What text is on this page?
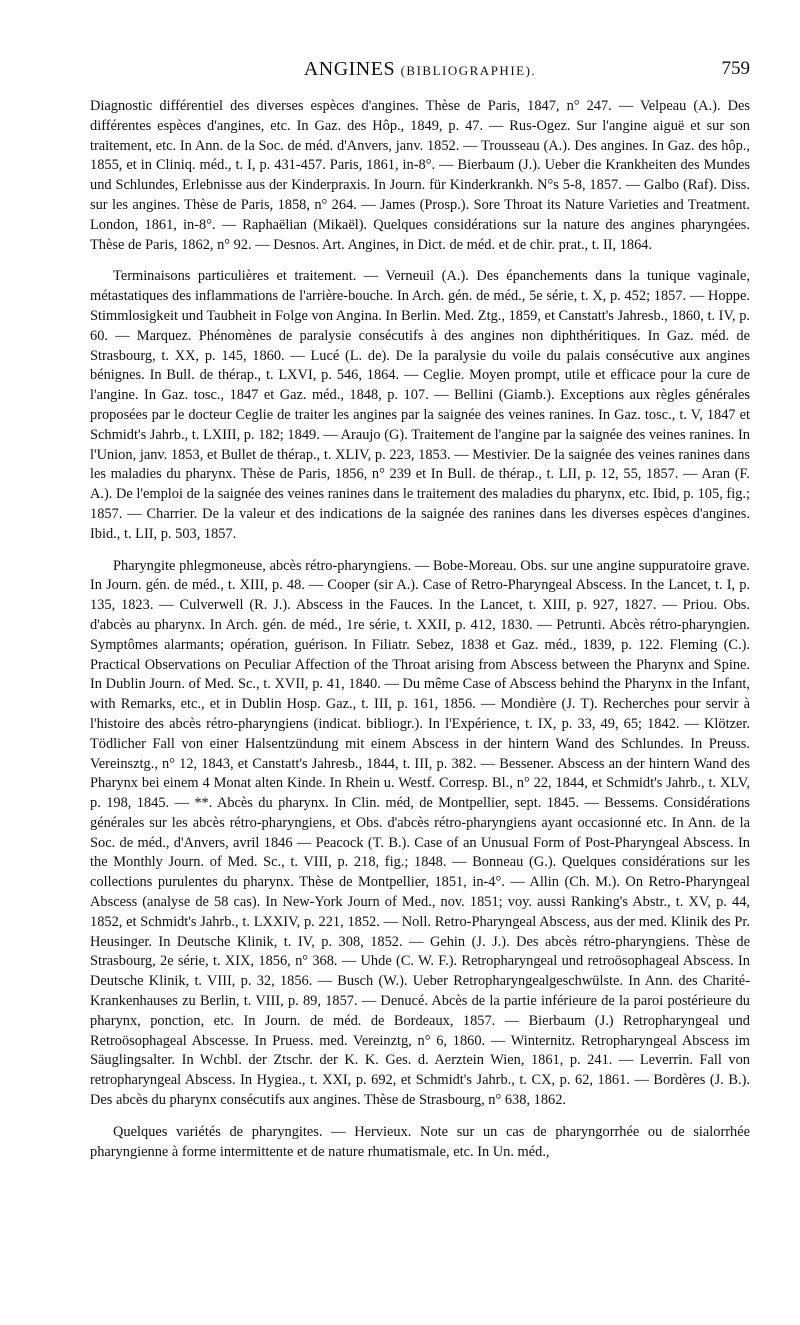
ANGINES (BIBLIOGRAPHIE).	759

Diagnostic différentiel des diverses espèces d'angines. Thèse de Paris, 1847, n° 247. — Velpeau (A.). Des différentes espèces d'angines, etc. In Gaz. des Hôp., 1849, p. 47. — Rus-Ogez. Sur l'angine aiguë et sur son traitement, etc. In Ann. de la Soc. de méd. d'Anvers, janv. 1852. — Trousseau (A.). Des angines. In Gaz. des hôp., 1855, et in Cliniq. méd., t. I, p. 431-457. Paris, 1861, in-8°. — Bierbaum (J.). Ueber die Krankheiten des Mundes und Schlundes, Erlebnisse aus der Kinderpraxis. In Journ. für Kinderkrankh. N°s 5-8, 1857. — Galbo (Raf). Diss. sur les angines. Thèse de Paris, 1858, n° 264. — James (Prosp.). Sore Throat its Nature Varieties and Treatment. London, 1861, in-8°. — Raphaëlian (Mikaël). Quelques considérations sur la nature des angines pharyngées. Thèse de Paris, 1862, n° 92. — Desnos. Art. Angines, in Dict. de méd. et de chir. prat., t. II, 1864.

Terminaisons particulières et traitement. — Verneuil (A.). Des épanchements dans la tunique vaginale, métastatiques des inflammations de l'arrière-bouche. In Arch. gén. de méd., 5e série, t. X, p. 452; 1857. — Hoppe. Stimmlosigkeit und Taubheit in Folge von Angina. In Berlin. Med. Ztg., 1859, et Canstatt's Jahresb., 1860, t. IV, p. 60. — Marquez. Phénomènes de paralysie consécutifs à des angines non diphthéritiques. In Gaz. méd. de Strasbourg, t. XX, p. 145, 1860. — Lucé (L. de). De la paralysie du voile du palais consécutive aux angines bénignes. In Bull. de thérap., t. LXVI, p. 546, 1864. — Ceglie. Moyen prompt, utile et efficace pour la cure de l'angine. In Gaz. tosc., 1847 et Gaz. méd., 1848, p. 107. — Bellini (Giamb.). Exceptions aux règles générales proposées par le docteur Ceglie de traiter les angines par la saignée des veines ranines. In Gaz. tosc., t. V, 1847 et Schmidt's Jahrb., t. LXIII, p. 182; 1849. — Araujo (G). Traitement de l'angine par la saignée des veines ranines. In l'Union, janv. 1853, et Bullet de thérap., t. XLIV, p. 223, 1853. — Mestivier. De la saignée des veines ranines dans les maladies du pharynx. Thèse de Paris, 1856, n° 239 et In Bull. de thérap., t. LII, p. 12, 55, 1857. — Aran (F. A.). De l'emploi de la saignée des veines ranines dans le traitement des maladies du pharynx, etc. Ibid, p. 105, fig.; 1857. — Charrier. De la valeur et des indications de la saignée des ranines dans les diverses espèces d'angines. Ibid., t. LII, p. 503, 1857.

Pharyngite phlegmoneuse, abcès rétro-pharyngiens. — Bobe-Moreau. Obs. sur une angine suppuratoire grave. In Journ. gén. de méd., t. XIII, p. 48. — Cooper (sir A.). Case of Retro-Pharyngeal Abscess. In the Lancet, t. I, p. 135, 1823. — Culverwell (R. J.). Abscess in the Fauces. In the Lancet, t. XIII, p. 927, 1827. — Priou. Obs. d'abcès au pharynx. In Arch. gén. de méd., 1re série, t. XXII, p. 412, 1830. — Petrunti. Abcès rétro-pharyngien. Symptômes alarmants; opération, guérison. In Filiatr. Sebez, 1838 et Gaz. méd., 1839, p. 122. Fleming (C.). Practical Observations on Peculiar Affection of the Throat arising from Abscess between the Pharynx and Spine. In Dublin Journ. of Med. Sc., t. XVII, p. 41, 1840. — Du même Case of Abscess behind the Pharynx in the Infant, with Remarks, etc., et in Dublin Hosp. Gaz., t. III, p. 161, 1856. — Mondière (J. T). Recherches pour servir à l'histoire des abcès rétro-pharyngiens (indicat. bibliogr.). In l'Expérience, t. IX, p. 33, 49, 65; 1842. — Klötzer. Tödlicher Fall von einer Halsentzündung mit einem Abscess in der hintern Wand des Schlundes. In Preuss. Vereinsztg., n° 12, 1843, et Canstatt's Jahresb., 1844, t. III, p. 382. — Bessener. Abscess an der hintern Wand des Pharynx bei einem 4 Monat alten Kinde. In Rhein u. Westf. Corresp. Bl., n° 22, 1844, et Schmidt's Jahrb., t. XLV, p. 198, 1845. — **. Abcès du pharynx. In Clin. méd, de Montpellier, sept. 1845. — Bessems. Considérations générales sur les abcès rétro-pharyngiens, et Obs. d'abcès rétro-pharyngiens ayant occasionné etc. In Ann. de la Soc. de méd., d'Anvers, avril 1846 — Peacock (T. B.). Case of an Unusual Form of Post-Pharyngeal Abscess. In the Monthly Journ. of Med. Sc., t. VIII, p. 218, fig.; 1848. — Bonneau (G.). Quelques considérations sur les collections purulentes du pharynx. Thèse de Montpellier, 1851, in-4°. — Allin (Ch. M.). On Retro-Pharyngeal Abscess (analyse de 58 cas). In New-York Journ of Med., nov. 1851; voy. aussi Ranking's Abstr., t. XV, p. 44, 1852, et Schmidt's Jahrb., t. LXXIV, p. 221, 1852. — Noll. Retro-Pharyngeal Abscess, aus der med. Klinik des Pr. Heusinger. In Deutsche Klinik, t. IV, p. 308, 1852. — Gehin (J. J.). Des abcès rétro-pharyngiens. Thèse de Strasbourg, 2e série, t. XIX, 1856, n° 368. — Uhde (C. W. F.). Retropharyngeal und retroösophageal Abscess. In Deutsche Klinik, t. VIII, p. 32, 1856. — Busch (W.). Ueber Retropharyngealgeschwülste. In Ann. des Charité-Krankenhauses zu Berlin, t. VIII, p. 89, 1857. — Denucé. Abcès de la partie inférieure de la paroi postérieure du pharynx, ponction, etc. In Journ. de méd. de Bordeaux, 1857. — Bierbaum (J.) Retropharyngeal und Retroösophageal Abscesse. In Pruess. med. Vereinztg, n° 6, 1860. — Winternitz. Retropharyngeal Abscess im Säuglingsalter. In Wchbl. der Ztschr. der K. K. Ges. d. Aerztein Wien, 1861, p. 241. — Leverrin. Fall von retropharyngeal Abscess. In Hygiea., t. XXI, p. 692, et Schmidt's Jahrb., t. CX, p. 62, 1861. — Bordères (J. B.). Des abcès du pharynx consécutifs aux angines. Thèse de Strasbourg, n° 638, 1862.

Quelques variétés de pharyngites. — Hervieux. Note sur un cas de pharyngorrhée ou de sialorrhée pharyngienne à forme intermittente et de nature rhumatismale, etc. In Un. méd.,
